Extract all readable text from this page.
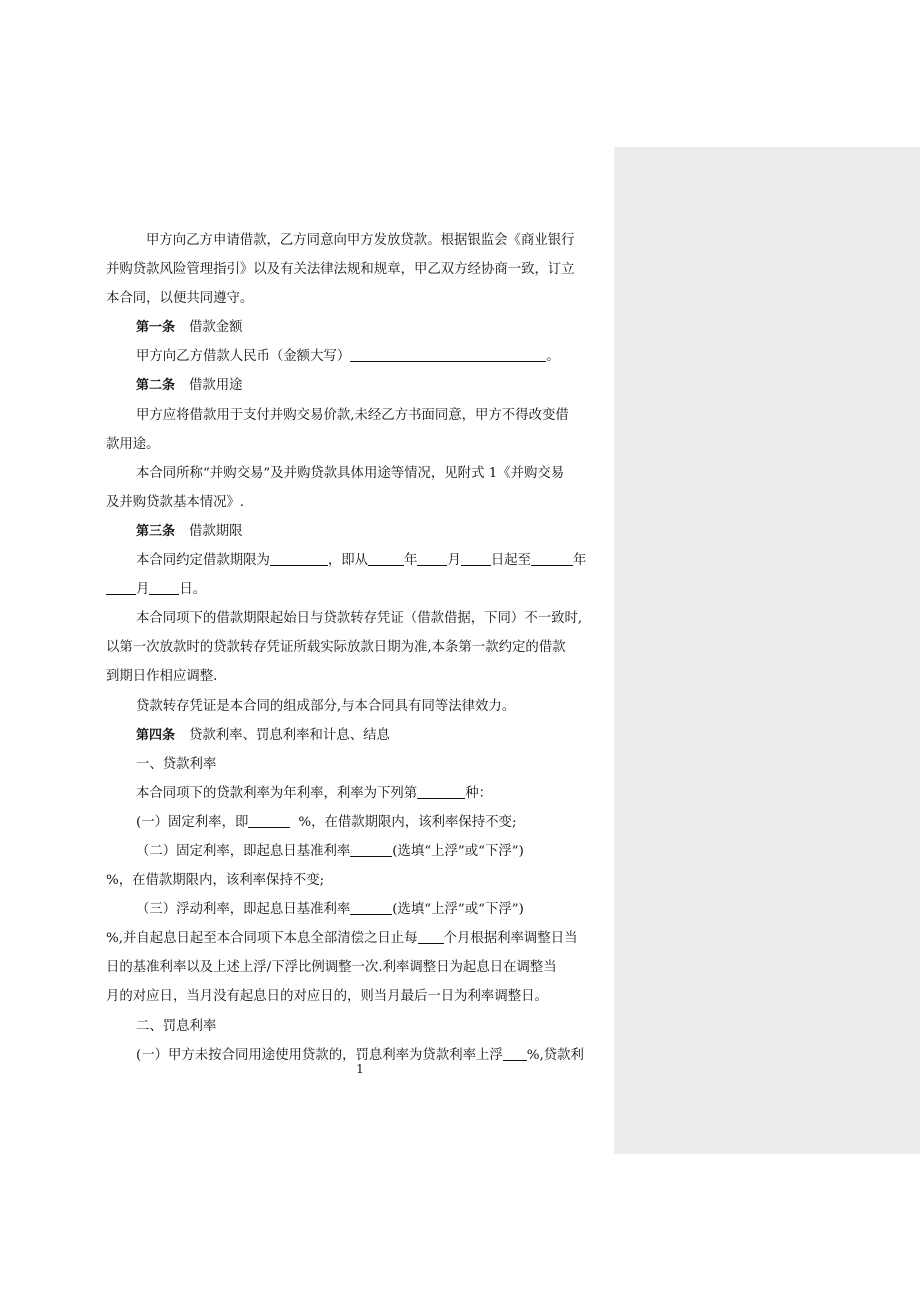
甲方向乙方申请借款，乙方同意向甲方发放贷款。根据银监会《商业银行

并购贷款风险管理指引》以及有关法律法规和规章，甲乙双方经协商一致，订立

本合同，以便共同遵守。

第一条 借款金额

甲方向乙方借款人民币（金额大写）	。

第二条 借款用途

甲方应将借款用于支付并购交易价款,未经乙方书面同意，甲方不得改变借

款用途。

本合同所称“并购交易”及并购贷款具体用途等情况，见附式 1《并购交易

及并购贷款基本情况》.

第三条 借款期限

本合同约定借款期限为	，即从	年 月 日起至	年

月 日。

本合同项下的借款期限起始日与贷款转存凭证（借款借据，下同）不一致时,

以第一次放款时的贷款转存凭证所载实际放款日期为准,本条第一款约定的借款

到期日作相应调整.

贷款转存凭证是本合同的组成部分,与本合同具有同等法律效力。

第四条 贷款利率、罚息利率和计息、结息

一、贷款利率

本合同项下的贷款利率为年利率，利率为下列第	种：

(一）固定利率，即	%，在借款期限内，该利率保持不变;

（二）固定利率，即起息日基准利率	(选填“上浮”或“下浮”)

%，在借款期限内，该利率保持不变;

（三）浮动利率，即起息日基准利率	(选填“上浮”或“下浮”)

%,并自起息日起至本合同项下本息全部清偿之日止每 个月根据利率调整日当

日的基准利率以及上述上浮/下浮比例调整一次.利率调整日为起息日在调整当

月的对应日，当月没有起息日的对应日的，则当月最后一日为利率调整日。

二、罚息利率

(一）甲方未按合同用途使用贷款的，罚息利率为贷款利率上浮 %,贷款利

1
